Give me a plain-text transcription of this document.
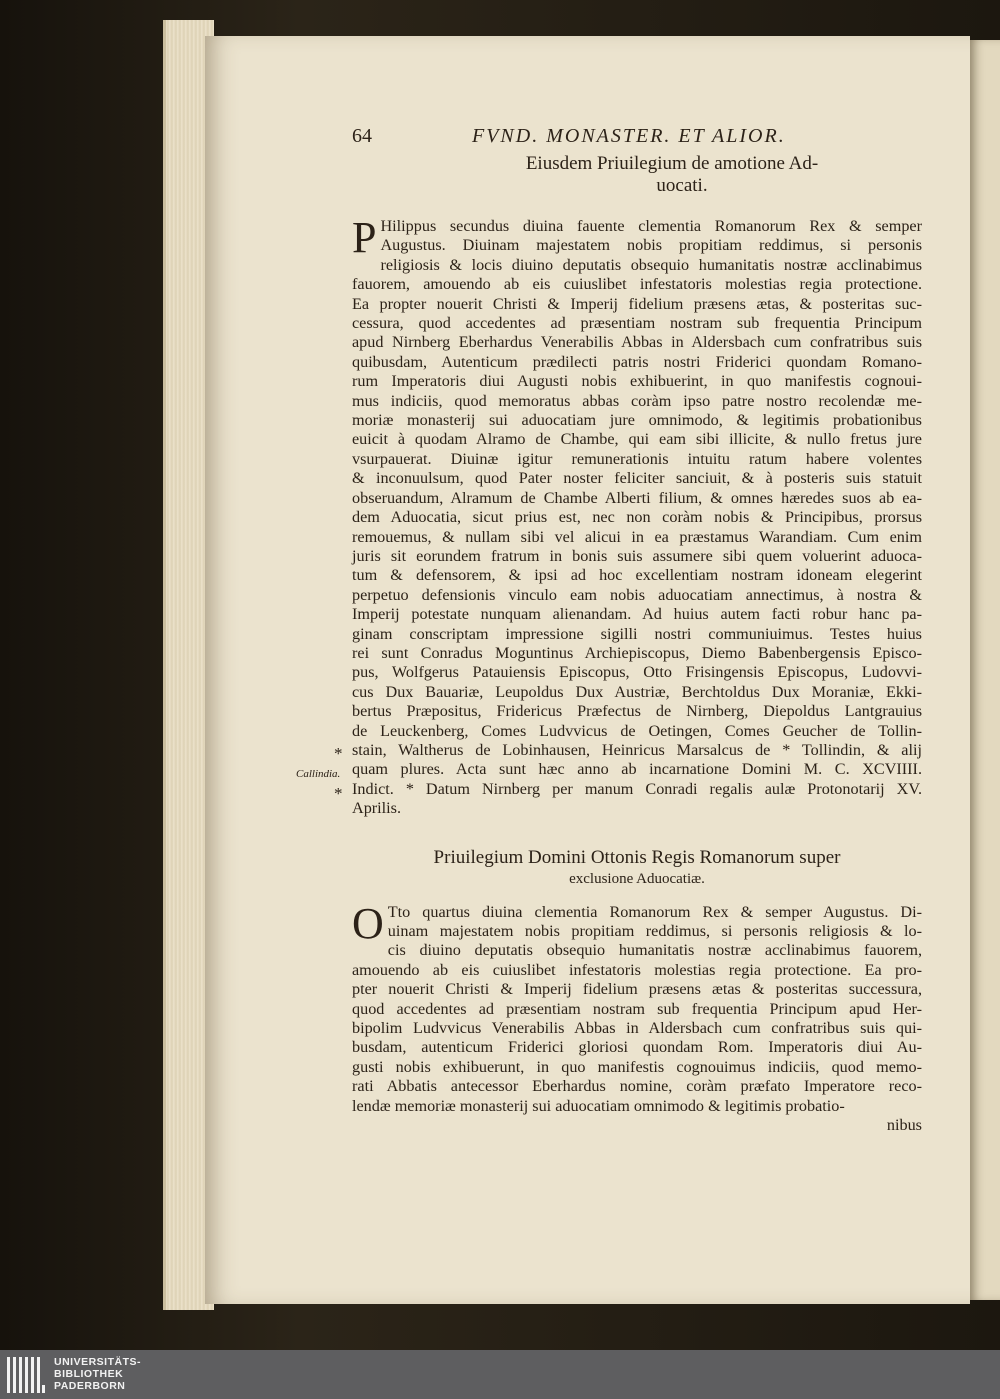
64	FVND. MONASTER. ET ALIOR.
Eiusdem Priuilegium de amotione Ad-
uocati.
P Hilippus secundus diuina fauente clementia Romanorum Rex & semper
Augustus. Diuinam majestatem nobis propitiam reddimus, si personis
religiosis & locis diuino deputatis obsequio humanitatis nostræ acclinabimus
fauorem, amouendo ab eis cuiuslibet infestatoris molestias regia protectione.
Ea propter nouerit Christi & Imperij fidelium præsens ætas, & posteritas suc-
cessura, quod accedentes ad præsentiam nostram sub frequentia Principum
apud Nirnberg Eberhardus Venerabilis Abbas in Aldersbach cum confratribus suis
quibusdam, Autenticum prædilecti patris nostri Friderici quondam Romano-
rum Imperatoris diui Augusti nobis exhibuerint, in quo manifestis cognoui-
mus indiciis, quod memoratus abbas coràm ipso patre nostro recolendæ me-
moriæ monasterij sui aduocatiam jure omnimodo, & legitimis probationibus
euicit à quodam Alramo de Chambe, qui eam sibi illicite, & nullo fretus jure
vsurpauerat. Diuinæ igitur remunerationis intuitu ratum habere volentes
& inconuulsum, quod Pater noster feliciter sanciuit, & à posteris suis statuit
obseruandum, Alramum de Chambe Alberti filium, & omnes hæredes suos ab ea-
dem Aduocatia, sicut prius est, nec non coràm nobis & Principibus, prorsus
remouemus, & nullam sibi vel alicui in ea præstamus Warandiam. Cum enim
juris sit eorundem fratrum in bonis suis assumere sibi quem voluerint aduoca-
tum & defensorem, & ipsi ad hoc excellentiam nostram idoneam elegerint
perpetuo defensionis vinculo eam nobis aduocatiam annectimus, à nostra &
Imperij potestate nunquam alienandam. Ad huius autem facti robur hanc pa-
ginam conscriptam impressione sigilli nostri communiuimus. Testes huius
rei sunt Conradus Moguntinus Archiepiscopus, Diemo Babenbergensis Episco-
pus, Wolfgerus Patauiensis Episcopus, Otto Frisingensis Episcopus, Ludovvi-
cus Dux Bauariæ, Leupoldus Dux Austriæ, Berchtoldus Dux Moraniæ, Ekki-
bertus Præpositus, Fridericus Præfectus de Nirnberg, Diepoldus Lantgrauius
de Leuckenberg, Comes Ludvvicus de Oetingen, Comes Geucher de Tollin-
stain, Waltherus de Lobinhausen, Heinricus Marsalcus de * Tollindin, & alij
quam plures. Acta sunt hæc anno ab incarnatione Domini M. C. XCVIIII.
Indict. * Datum Nirnberg per manum Conradi regalis aulæ Protonotarij XV.
Aprilis.
Priuilegium Domini Ottonis Regis Romanorum super
exclusione Aduocatiæ.
O Tto quartus diuina clementia Romanorum Rex & semper Augustus. Di-
uinam majestatem nobis propitiam reddimus, si personis religiosis & lo-
cis diuino deputatis obsequio humanitatis nostræ acclinabimus fauorem,
amouendo ab eis cuiuslibet infestatoris molestias regia protectione. Ea pro-
pter nouerit Christi & Imperij fidelium præsens ætas & posteritas successura,
quod accedentes ad præsentiam nostram sub frequentia Principum apud Her-
bipolim Ludvvicus Venerabilis Abbas in Aldersbach cum confratribus suis qui-
busdam, autenticum Friderici gloriosi quondam Rom. Imperatoris diui Au-
gusti nobis exhibuerunt, in quo manifestis cognouimus indiciis, quod memo-
rati Abbatis antecessor Eberhardus nomine, coràm præfato Imperatore reco-
lendæ memoriæ monasterij sui aduocatiam omnimodo & legitimis probatio-
nibus
*
Callindia.
*
UNIVERSITÄTS-
BIBLIOTHEK
PADERBORN
